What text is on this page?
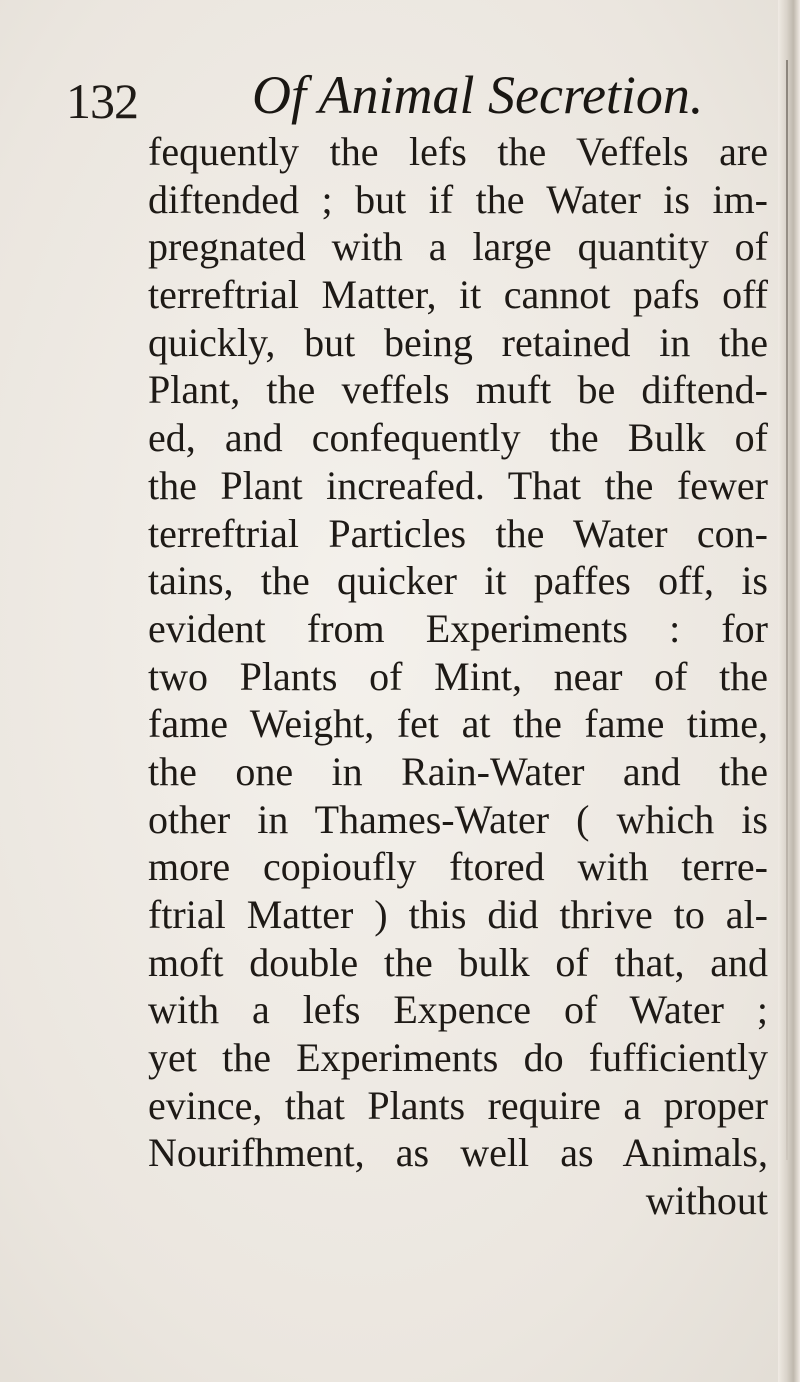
132 Of Animal Secretion.
fequently the lefs the Veffels are
diftended ; but if the Water is im-
pregnated with a large quantity of
terreftrial Matter, it cannot pafs off
quickly, but being retained in the
Plant, the veffels muft be diftend-
ed, and confequently the Bulk of
the Plant increafed. That the fewer
terreftrial Particles the Water con-
tains, the quicker it paffes off, is
evident from Experiments : for
two Plants of Mint, near of the
fame Weight, fet at the fame time,
the one in Rain-Water and the
other in Thames-Water ( which is
more copioufly ftored with terre-
ftrial Matter ) this did thrive to al-
moft double the bulk of that, and
with a lefs Expence of Water ;
yet the Experiments do fufficiently
evince, that Plants require a proper
Nourifhment, as well as Animals,
without
